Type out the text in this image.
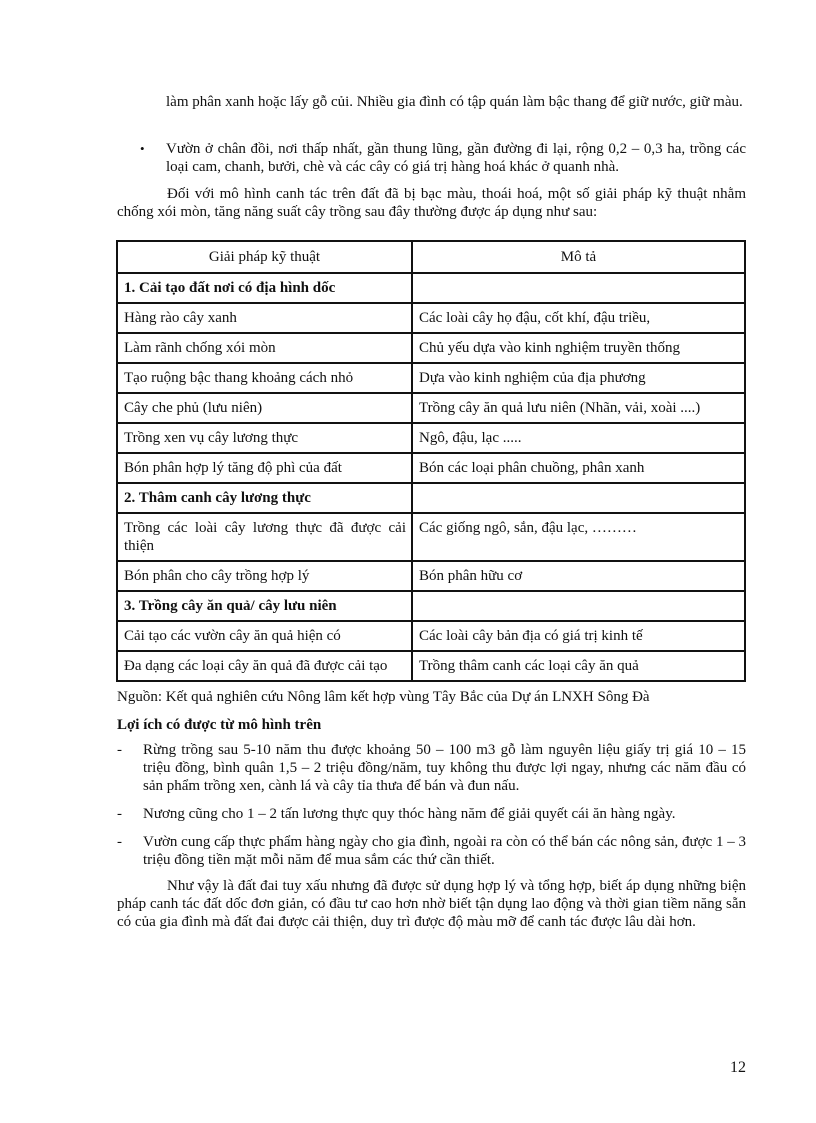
làm phân xanh hoặc lấy gỗ củi. Nhiều gia đình có tập quán làm bậc thang để giữ nước, giữ màu.

• Vườn ở chân đồi, nơi thấp nhất, gần thung lũng, gần đường đi lại, rộng 0,2 – 0,3 ha, trồng các loại cam, chanh, bưởi, chè và các cây có giá trị hàng hoá khác ở quanh nhà.

Đối với mô hình canh tác trên đất đã bị bạc màu, thoái hoá, một số giải pháp kỹ thuật nhằm chống xói mòn, tăng năng suất cây trồng sau đây thường được áp dụng như sau:

Giải pháp kỹ thuật	Mô tả
1. Cải tạo đất nơi có địa hình dốc	
Hàng rào cây xanh	Các loài cây họ đậu, cốt khí, đậu triều,
Làm rãnh chống xói mòn	Chủ yếu dựa vào kinh nghiệm truyền thống
Tạo ruộng bậc thang khoảng cách nhỏ	Dựa vào kinh nghiệm của địa phương
Cây che phủ (lưu niên)	Trồng cây ăn quả lưu niên (Nhãn, vải, xoài ....)
Trồng xen vụ cây lương thực	Ngô, đậu, lạc .....
Bón phân hợp lý tăng độ phì của đất	Bón các loại phân chuồng, phân xanh
2. Thâm canh cây lương thực	
Trồng các loài cây lương thực đã được cải thiện	Các giống ngô, sắn, đậu lạc, ………
Bón phân cho cây trồng hợp lý	Bón phân hữu cơ
3. Trồng cây ăn quả/ cây lưu niên	
Cải tạo các vườn cây ăn quả hiện có	Các loài cây bản địa có giá trị kinh tế
Đa dạng các loại cây ăn quả đã được cải tạo	Trồng thâm canh các loại cây ăn quả

Nguồn: Kết quả nghiên cứu Nông lâm kết hợp vùng Tây Bắc của Dự án LNXH Sông Đà

Lợi ích có được từ mô hình trên

- Rừng trồng sau 5-10 năm thu được khoảng 50 – 100 m3 gỗ làm nguyên liệu giấy trị giá 10 – 15 triệu đồng, bình quân 1,5 – 2 triệu đồng/năm, tuy không thu được lợi ngay, nhưng các năm đầu có sản phẩm trồng xen, cành lá và cây tỉa thưa để bán và đun nấu.

- Nương cũng cho 1 – 2 tấn lương thực quy thóc hàng năm để giải quyết cái ăn hàng ngày.

- Vườn cung cấp thực phẩm hàng ngày cho gia đình, ngoài ra còn có thể bán các nông sản, được 1 – 3 triệu đồng tiền mặt mỗi năm để mua sắm các thứ cần thiết.

Như vậy là đất đai tuy xấu nhưng đã được sử dụng hợp lý và tổng hợp, biết áp dụng những biện pháp canh tác đất dốc đơn giản, có đầu tư cao hơn nhờ biết tận dụng lao động và thời gian tiềm năng sẵn có của gia đình mà đất đai được cải thiện, duy trì được độ màu mỡ để canh tác được lâu dài hơn.

12
